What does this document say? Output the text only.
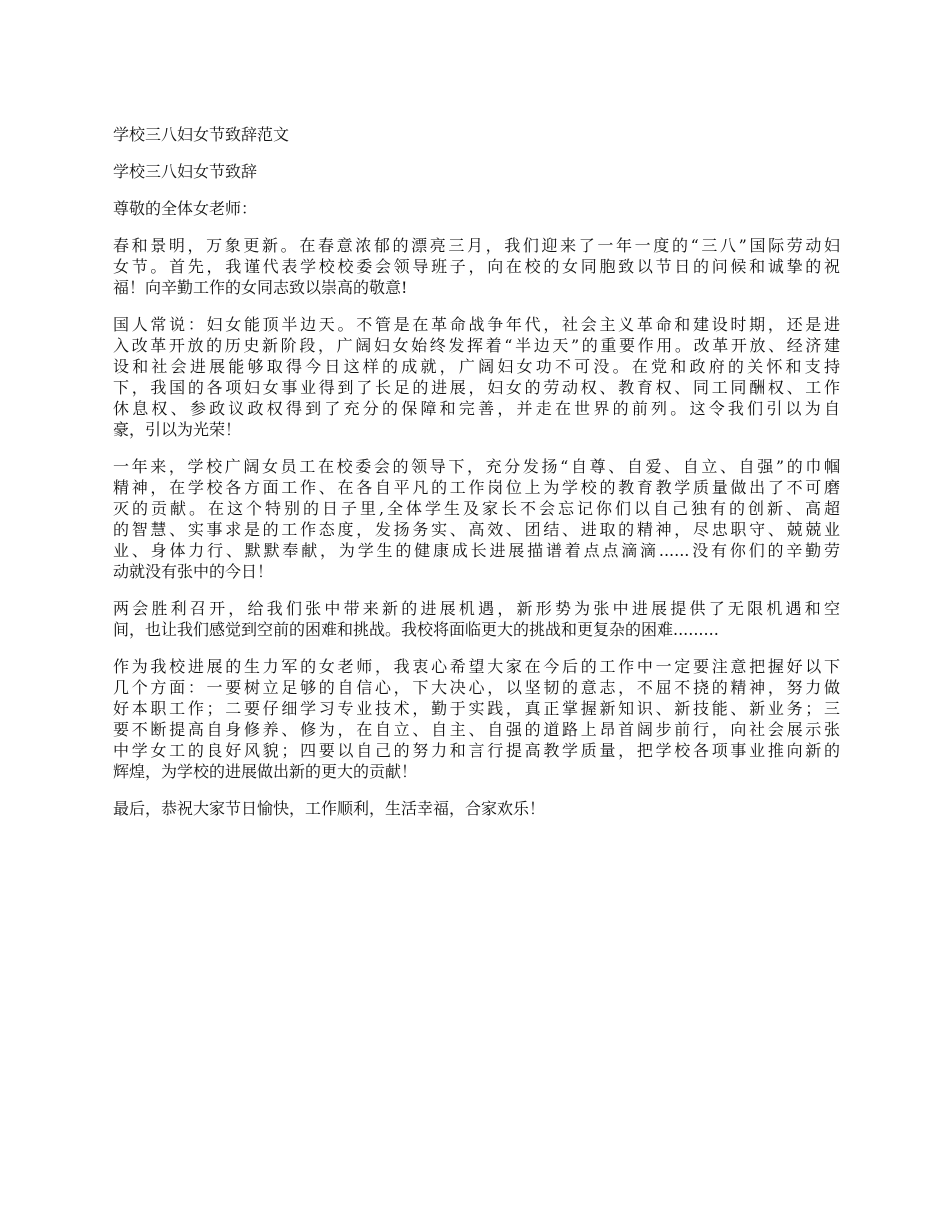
学校三八妇女节致辞范文

学校三八妇女节致辞

尊敬的全体女老师：

春和景明，万象更新。在春意浓郁的漂亮三月，我们迎来了一年一度的“三八”国际劳动妇
女节。首先，我谨代表学校校委会领导班子，向在校的女同胞致以节日的问候和诚挚的祝
福！向辛勤工作的女同志致以崇高的敬意!

国人常说：妇女能顶半边天。不管是在革命战争年代，社会主义革命和建设时期，还是进
入改革开放的历史新阶段，广阔妇女始终发挥着“半边天”的重要作用。改革开放、经济建
设和社会进展能够取得今日这样的成就，广阔妇女功不可没。在党和政府的关怀和支持
下，我国的各项妇女事业得到了长足的进展，妇女的劳动权、教育权、同工同酬权、工作
休息权、参政议政权得到了充分的保障和完善，并走在世界的前列。这令我们引以为自
豪，引以为光荣！

一年来，学校广阔女员工在校委会的领导下，充分发扬“自尊、自爱、自立、自强”的巾帼
精神，在学校各方面工作、在各自平凡的工作岗位上为学校的教育教学质量做出了不可磨
灭的贡献。在这个特别的日子里,全体学生及家长不会忘记你们以自己独有的创新、高超
的智慧、实事求是的工作态度，发扬务实、高效、团结、进取的精神，尽忠职守、兢兢业
业、身体力行、默默奉献，为学生的健康成长进展描谱着点点滴滴......没有你们的辛勤劳
动就没有张中的今日！

两会胜利召开，给我们张中带来新的进展机遇，新形势为张中进展提供了无限机遇和空
间，也让我们感觉到空前的困难和挑战。我校将面临更大的挑战和更复杂的困难.........

作为我校进展的生力军的女老师，我衷心希望大家在今后的工作中一定要注意把握好以下
几个方面：一要树立足够的自信心，下大决心，以坚韧的意志，不屈不挠的精神，努力做
好本职工作；二要仔细学习专业技术，勤于实践，真正掌握新知识、新技能、新业务；三
要不断提高自身修养、修为，在自立、自主、自强的道路上昂首阔步前行，向社会展示张
中学女工的良好风貌；四要以自己的努力和言行提高教学质量，把学校各项事业推向新的
辉煌，为学校的进展做出新的更大的贡献！

最后，恭祝大家节日愉快，工作顺利，生活幸福，合家欢乐！
